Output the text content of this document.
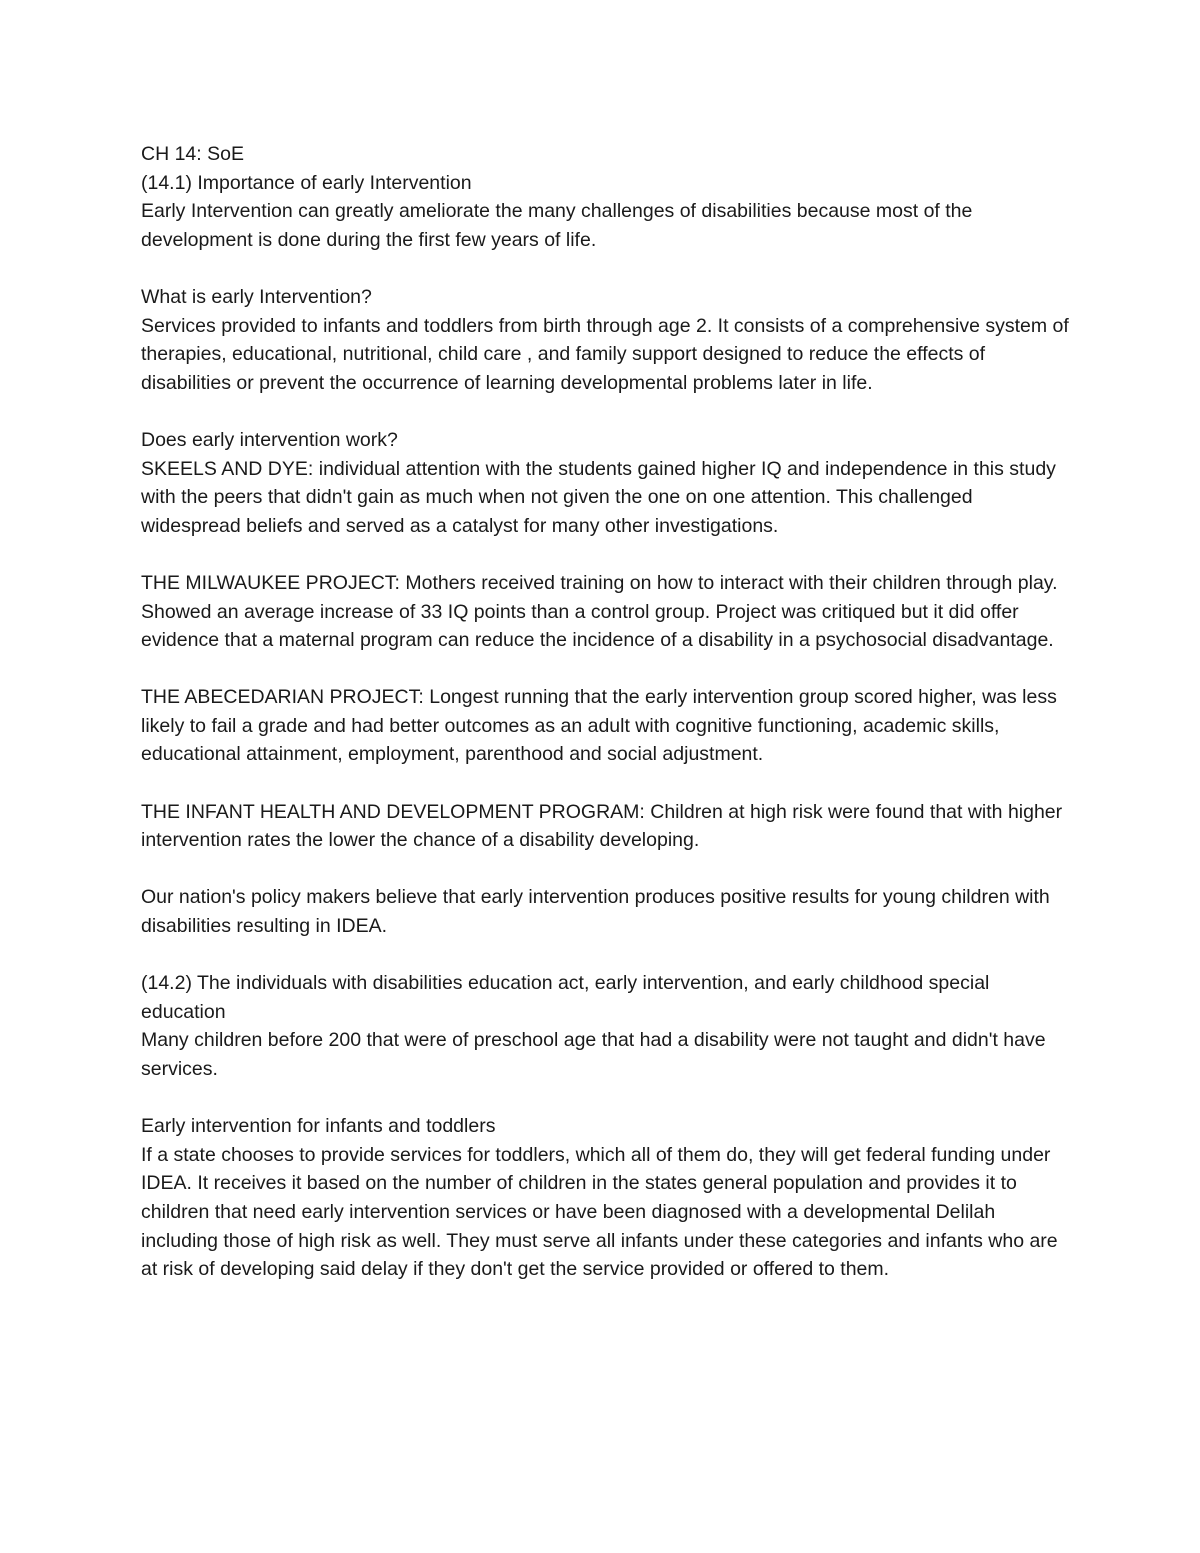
CH 14: SoE

(14.1) Importance of early Intervention

Early Intervention can greatly ameliorate the many challenges of disabilities because most of the development is done during the first few years of life.

What is early Intervention?

Services provided to infants and toddlers from birth through age 2. It consists of a comprehensive system of therapies, educational, nutritional, child care , and family support designed to reduce the effects of disabilities or prevent the occurrence of learning developmental problems later in life.

Does early intervention work?

SKEELS AND DYE: individual attention with the students gained higher IQ and independence in this study with the peers that didn't gain as much when not given the one on one attention. This challenged widespread beliefs and served as a catalyst for many other investigations.

THE MILWAUKEE PROJECT: Mothers received training on how to interact with their children through play. Showed an average increase of 33 IQ points than a control group. Project was critiqued but it did offer evidence that a maternal program can reduce the incidence of a disability in a psychosocial disadvantage.

THE ABECEDARIAN PROJECT: Longest running that the early intervention group scored higher, was less likely to fail a grade and had better outcomes as an adult with cognitive functioning, academic skills, educational attainment, employment, parenthood and social adjustment.

THE INFANT HEALTH AND DEVELOPMENT PROGRAM: Children at high risk were found that with higher intervention rates the lower the chance of a disability developing.

Our nation's policy makers believe that early intervention produces positive results for young children with disabilities resulting in IDEA.

(14.2) The individuals with disabilities education act, early intervention, and early childhood special education

Many children before 200 that were of preschool age that had a disability were not taught and didn't have services.

Early intervention for infants and toddlers

If a state chooses to provide services for toddlers, which all of them do, they will get federal funding under IDEA. It receives it based on the number of children in the states general population and provides it to children that need early intervention services or have been diagnosed with a developmental Delilah including those of high risk as well. They must serve all infants under these categories and infants who are at risk of developing said delay if they don't get the service provided or offered to them.
